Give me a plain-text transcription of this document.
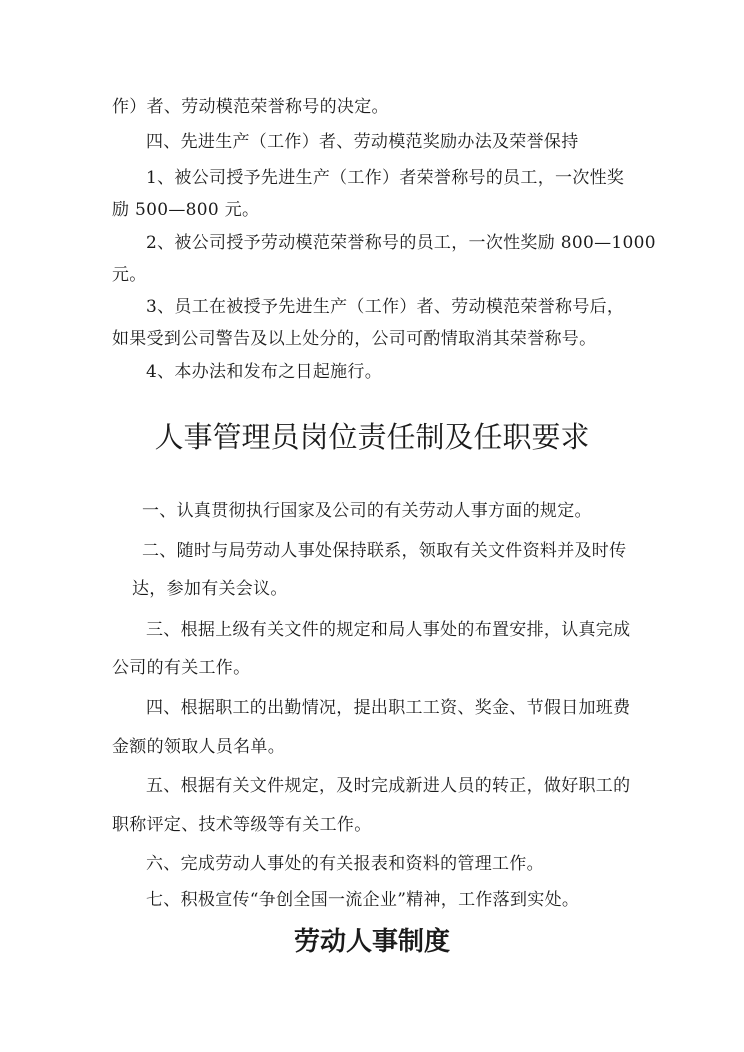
作）者、劳动模范荣誉称号的决定。
四、先进生产（工作）者、劳动模范奖励办法及荣誉保持
1、被公司授予先进生产（工作）者荣誉称号的员工，一次性奖
励 500—800 元。
2、被公司授予劳动模范荣誉称号的员工，一次性奖励 800—1000
元。
3、员工在被授予先进生产（工作）者、劳动模范荣誉称号后，
如果受到公司警告及以上处分的，公司可酌情取消其荣誉称号。
4、本办法和发布之日起施行。
人事管理员岗位责任制及任职要求
一、认真贯彻执行国家及公司的有关劳动人事方面的规定。
二、随时与局劳动人事处保持联系，领取有关文件资料并及时传
达，参加有关会议。
三、根据上级有关文件的规定和局人事处的布置安排，认真完成
公司的有关工作。
四、根据职工的出勤情况，提出职工工资、奖金、节假日加班费
金额的领取人员名单。
五、根据有关文件规定，及时完成新进人员的转正，做好职工的
职称评定、技术等级等有关工作。
六、完成劳动人事处的有关报表和资料的管理工作。
七、积极宣传“争创全国一流企业”精神，工作落到实处。
劳动人事制度
